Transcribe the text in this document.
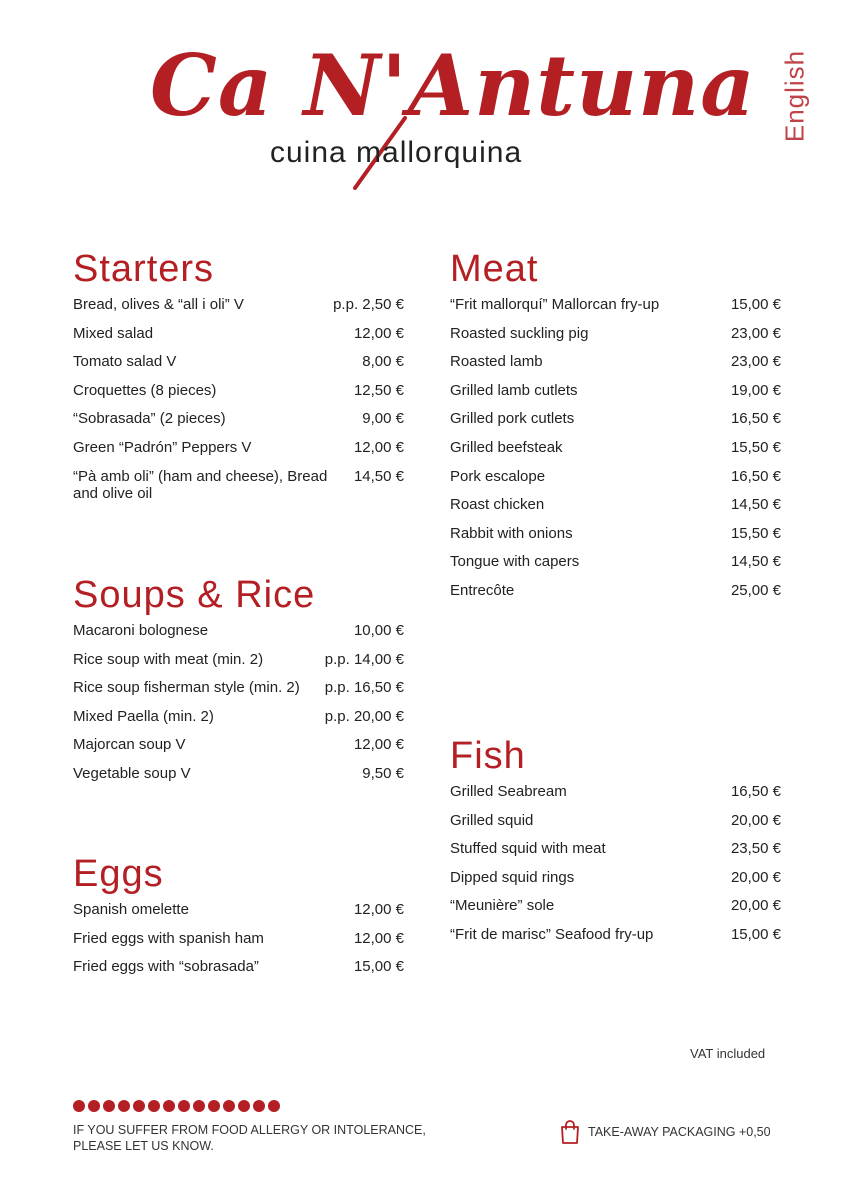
Ca N'Antuna
cuina mallorquina
English
Starters
Bread, olives & “all i oli” V	p.p. 2,50 €
Mixed salad	12,00 €
Tomato salad V	8,00 €
Croquettes (8 pieces)	12,50 €
“Sobrasada” (2 pieces)	9,00 €
Green “Padrón” Peppers V	12,00 €
“Pà amb oli” (ham and cheese), Bread and olive oil
14,50 €
Soups & Rice
Macaroni bolognese	10,00 €
Rice soup with meat (min. 2)	p.p. 14,00 €
Rice soup fisherman style (min. 2)	p.p. 16,50 €
Mixed Paella (min. 2)	p.p. 20,00 €
Majorcan soup V	12,00 €
Vegetable soup V	9,50 €
Eggs
Spanish omelette	12,00 €
Fried eggs with spanish ham	12,00 €
Fried eggs with “sobrasada”	15,00 €
Meat
“Frit mallorquí” Mallorcan fry-up	15,00 €
Roasted suckling pig	23,00 €
Roasted lamb	23,00 €
Grilled lamb cutlets	19,00 €
Grilled pork cutlets	16,50 €
Grilled beefsteak	15,50 €
Pork escalope	16,50 €
Roast chicken	14,50 €
Rabbit with onions	15,50 €
Tongue with capers	14,50 €
Entrecôte	25,00 €
Fish
Grilled Seabream	16,50 €
Grilled squid	20,00 €
Stuffed squid with meat	23,50 €
Dipped squid rings	20,00 €
“Meunière” sole	20,00 €
“Frit de marisc” Seafood fry-up	15,00 €
VAT included
IF YOU SUFFER FROM FOOD ALLERGY OR INTOLERANCE, PLEASE LET US KNOW.
TAKE-AWAY PACKAGING +0,50
